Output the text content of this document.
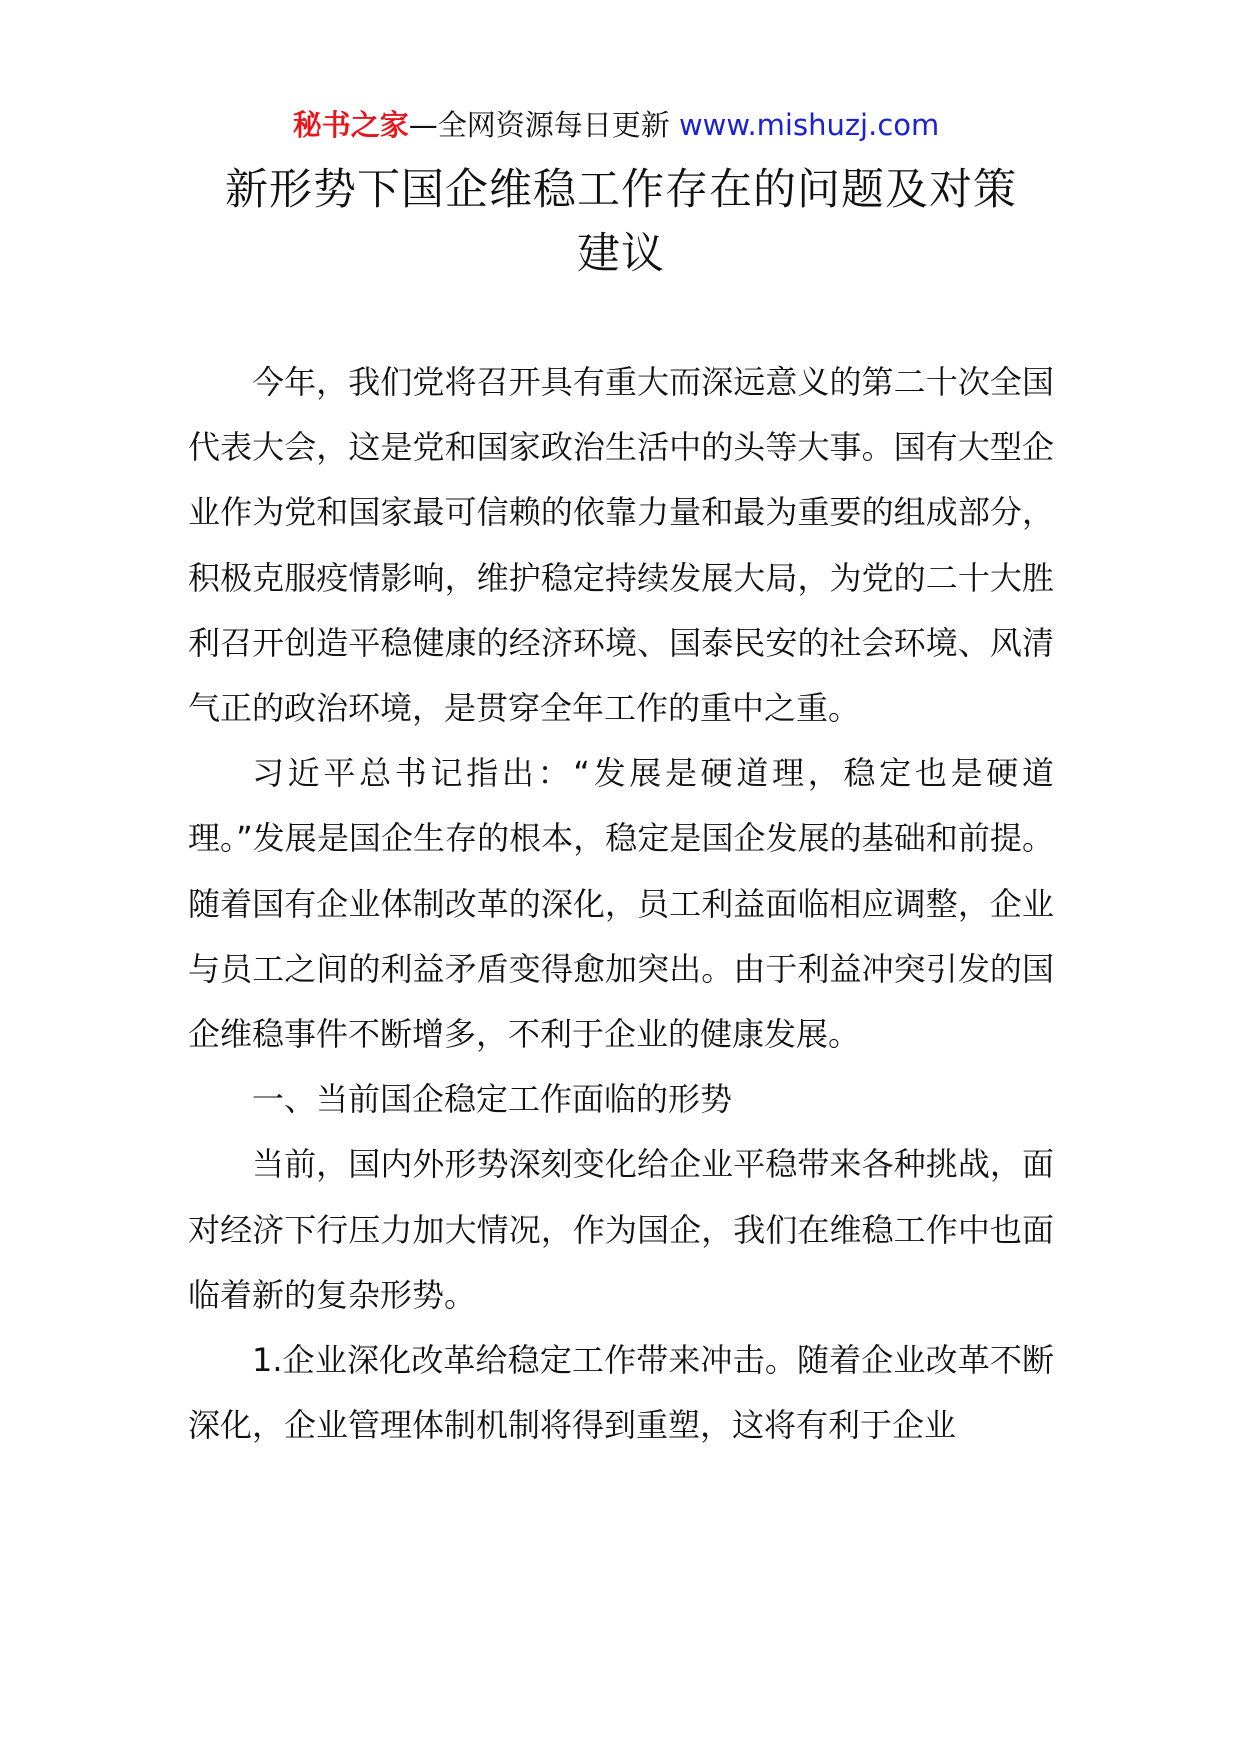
秘书之家—全网资源每日更新 www.mishuzj.com
新形势下国企维稳工作存在的问题及对策
建议

今年，我们党将召开具有重大而深远意义的第二十次全国代表大会，这是党和国家政治生活中的头等大事。国有大型企业作为党和国家最可信赖的依靠力量和最为重要的组成部分，积极克服疫情影响，维护稳定持续发展大局，为党的二十大胜利召开创造平稳健康的经济环境、国泰民安的社会环境、风清气正的政治环境，是贯穿全年工作的重中之重。

习近平总书记指出：“发展是硬道理，稳定也是硬道理。”发展是国企生存的根本，稳定是国企发展的基础和前提。随着国有企业体制改革的深化，员工利益面临相应调整，企业与员工之间的利益矛盾变得愈加突出。由于利益冲突引发的国企维稳事件不断增多，不利于企业的健康发展。

一、当前国企稳定工作面临的形势

当前，国内外形势深刻变化给企业平稳带来各种挑战，面对经济下行压力加大情况，作为国企，我们在维稳工作中也面临着新的复杂形势。

1.企业深化改革给稳定工作带来冲击。随着企业改革不断深化，企业管理体制机制将得到重塑，这将有利于企业
